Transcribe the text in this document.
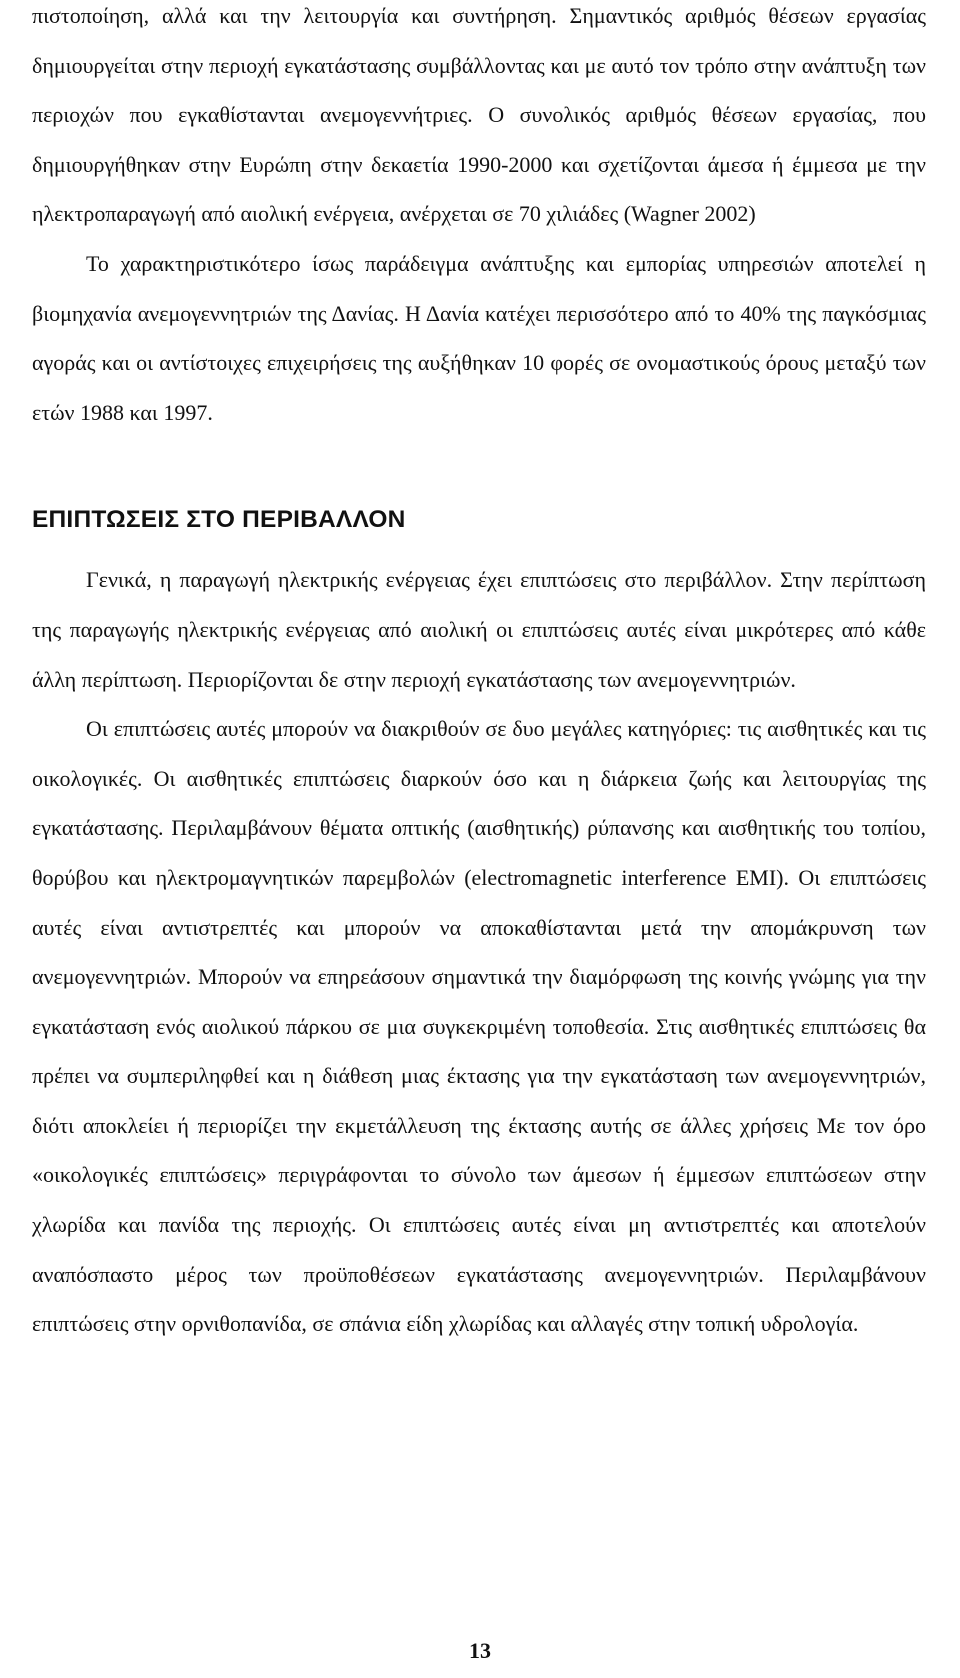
πιστοποίηση, αλλά και την λειτουργία και συντήρηση. Σημαντικός αριθμός θέσεων εργασίας δημιουργείται στην περιοχή εγκατάστασης συμβάλλοντας και με αυτό τον τρόπο στην ανάπτυξη των περιοχών που εγκαθίστανται ανεμογεννήτριες. Ο συνολικός αριθμός θέσεων εργασίας, που δημιουργήθηκαν στην Ευρώπη στην δεκαετία 1990-2000 και σχετίζονται άμεσα ή έμμεσα με την ηλεκτροπαραγωγή από αιολική ενέργεια, ανέρχεται σε 70 χιλιάδες (Wagner 2002)

Το χαρακτηριστικότερο ίσως παράδειγμα ανάπτυξης και εμπορίας υπηρεσιών αποτελεί η βιομηχανία ανεμογεννητριών της Δανίας. Η Δανία κατέχει περισσότερο από το 40% της παγκόσμιας αγοράς και οι αντίστοιχες επιχειρήσεις της αυξήθηκαν 10 φορές σε ονομαστικούς όρους μεταξύ των ετών 1988 και 1997.

ΕΠΙΠΤΩΣΕΙΣ ΣΤΟ ΠΕΡΙΒΑΛΛΟΝ

Γενικά, η παραγωγή ηλεκτρικής ενέργειας έχει επιπτώσεις στο περιβάλλον. Στην περίπτωση της παραγωγής ηλεκτρικής ενέργειας από αιολική οι επιπτώσεις αυτές είναι μικρότερες από κάθε άλλη περίπτωση. Περιορίζονται δε στην περιοχή εγκατάστασης των ανεμογεννητριών.

Οι επιπτώσεις αυτές μπορούν να διακριθούν σε δυο μεγάλες κατηγόριες: τις αισθητικές και τις οικολογικές. Οι αισθητικές επιπτώσεις διαρκούν όσο και η διάρκεια ζωής και λειτουργίας της εγκατάστασης. Περιλαμβάνουν θέματα οπτικής (αισθητικής) ρύπανσης και αισθητικής του τοπίου, θορύβου και ηλεκτρομαγνητικών παρεμβολών (electromagnetic interference EMI). Οι επιπτώσεις αυτές είναι αντιστρεπτές και μπορούν να αποκαθίστανται μετά την απομάκρυνση των ανεμογεννητριών. Μπορούν να επηρεάσουν σημαντικά την διαμόρφωση της κοινής γνώμης για την εγκατάσταση ενός αιολικού πάρκου σε μια συγκεκριμένη τοποθεσία. Στις αισθητικές επιπτώσεις θα πρέπει να συμπεριληφθεί και η διάθεση μιας έκτασης για την εγκατάσταση των ανεμογεννητριών, διότι αποκλείει ή περιορίζει την εκμετάλλευση της έκτασης αυτής σε άλλες χρήσεις Με τον όρο «οικολογικές επιπτώσεις» περιγράφονται το σύνολο των άμεσων ή έμμεσων επιπτώσεων στην χλωρίδα και πανίδα της περιοχής. Οι επιπτώσεις αυτές είναι μη αντιστρεπτές και αποτελούν αναπόσπαστο μέρος των προϋποθέσεων εγκατάστασης ανεμογεννητριών. Περιλαμβάνουν επιπτώσεις στην ορνιθοπανίδα, σε σπάνια είδη χλωρίδας και αλλαγές στην τοπική υδρολογία.

13
